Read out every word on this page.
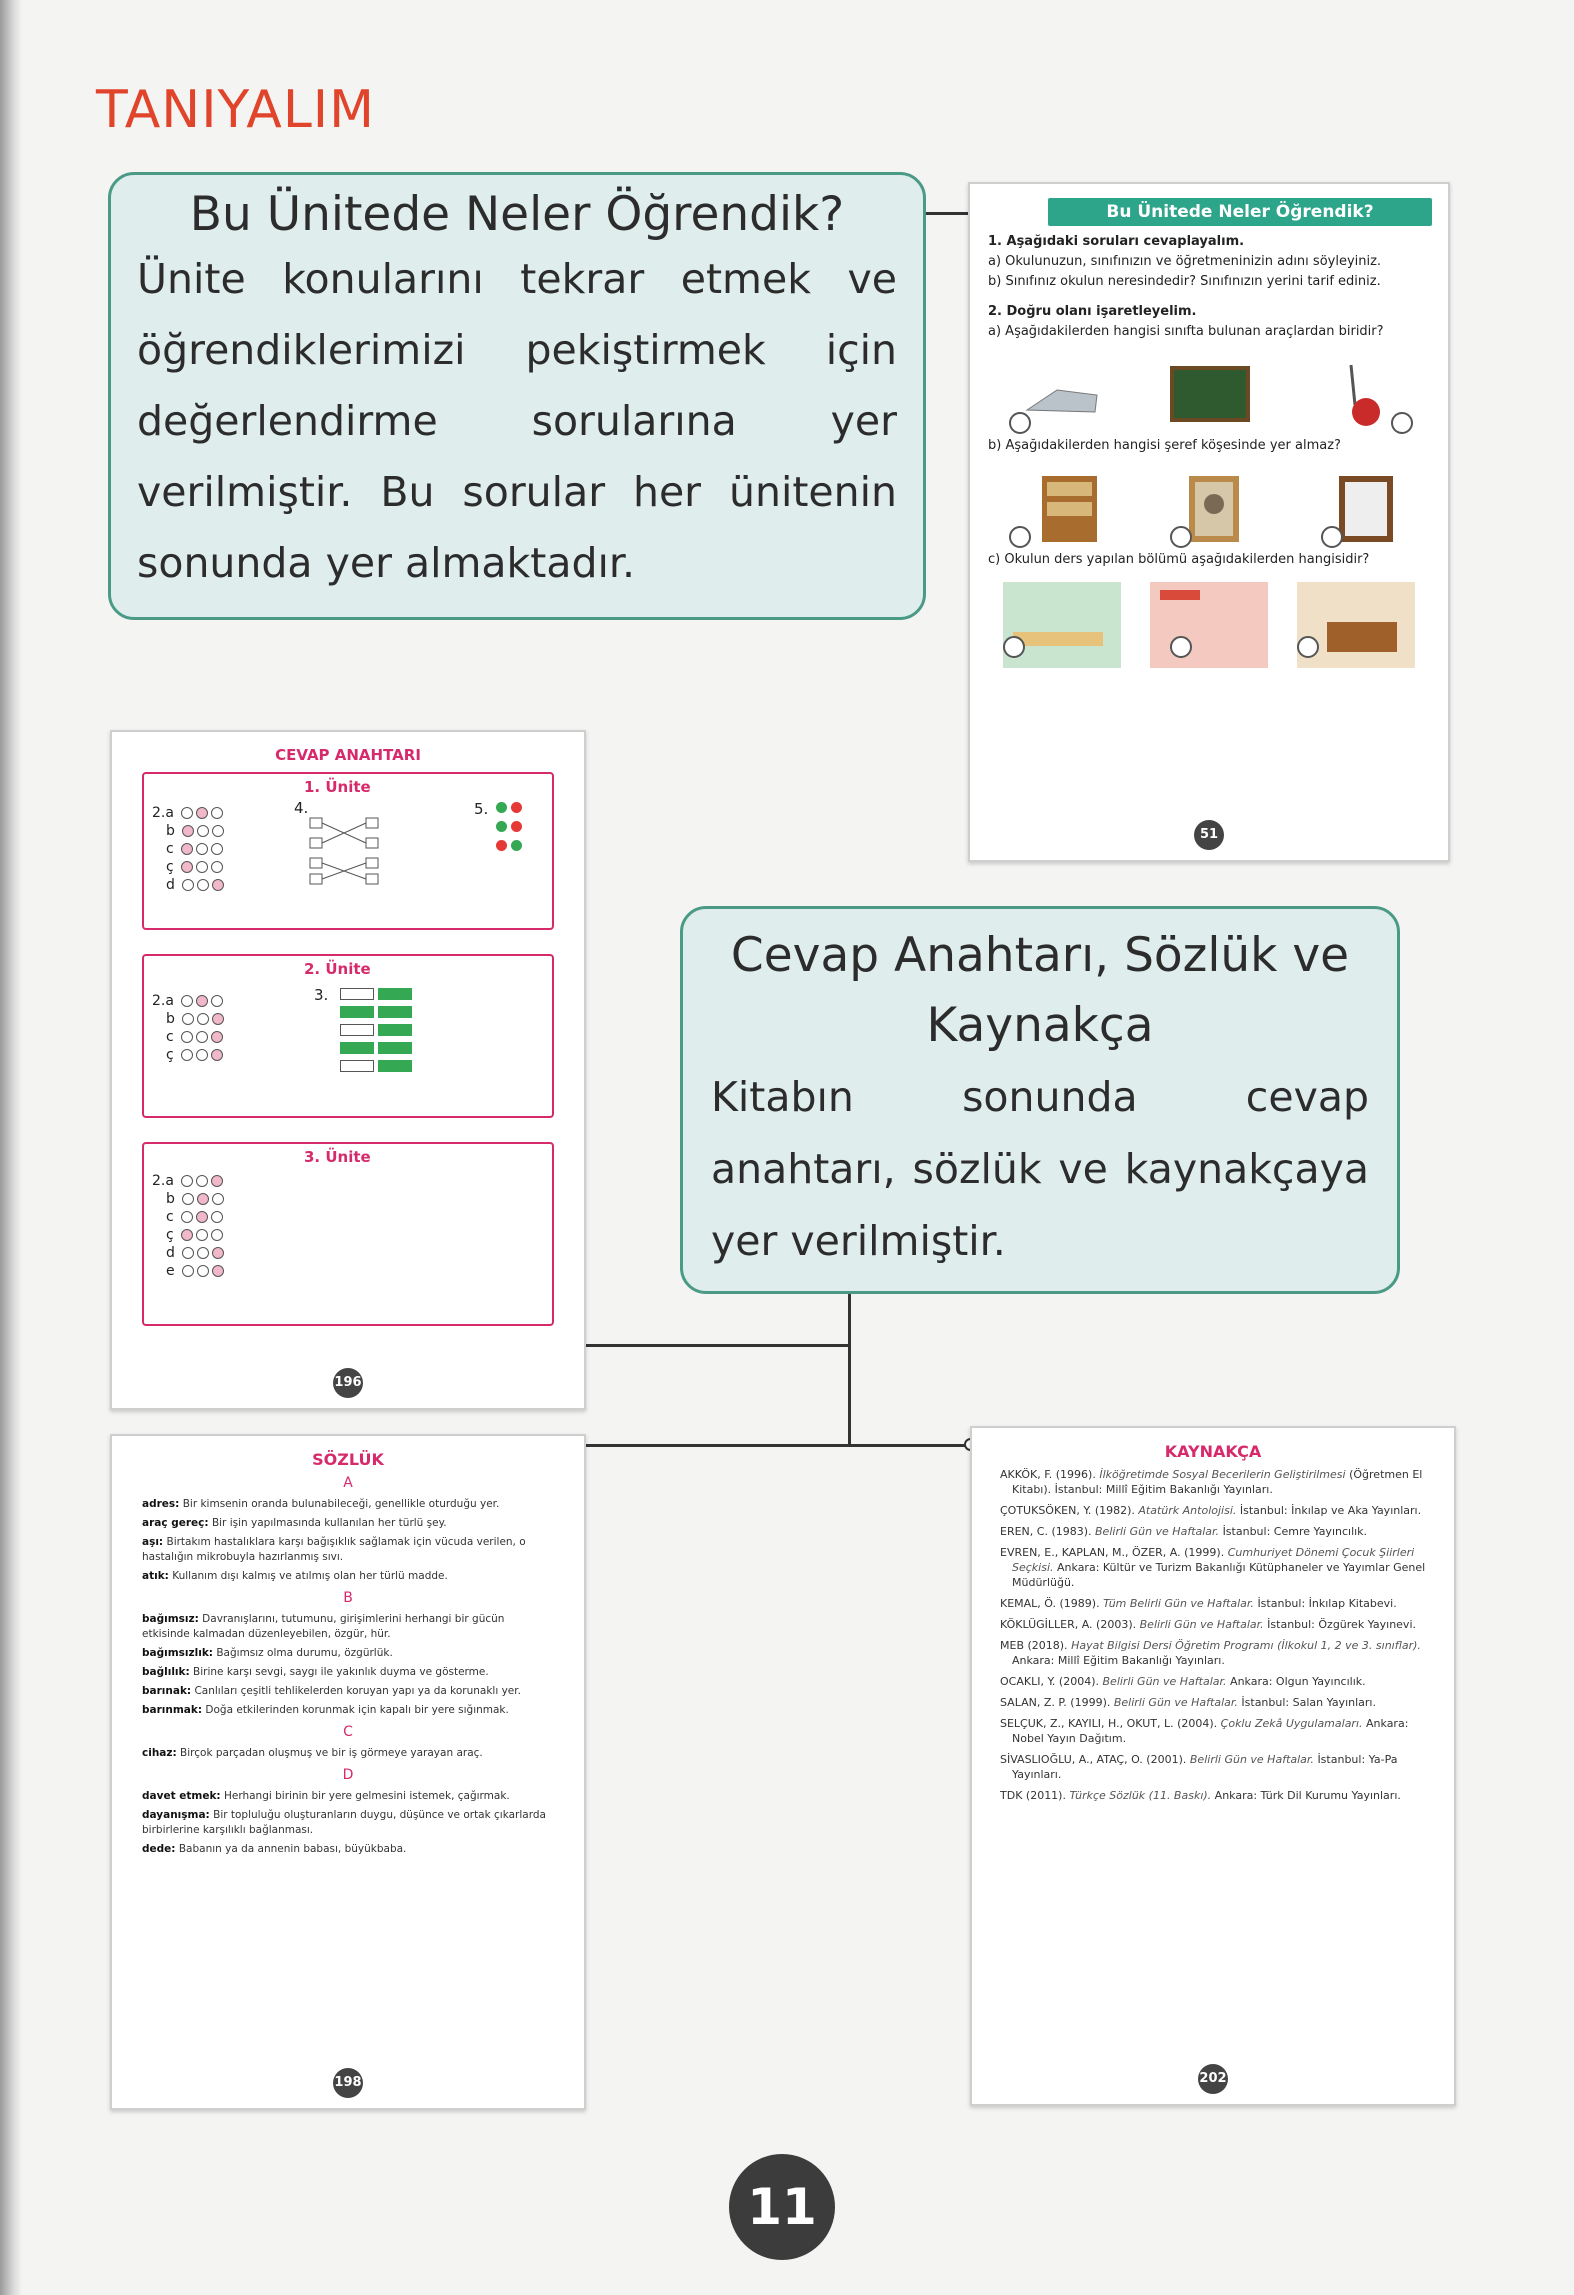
TANIYALIM
Bu Ünitede Neler Öğrendik?
Ünite konularını tekrar etmek ve öğrendiklerimizi pekiştirmek için değerlendirme sorularına yer verilmiştir. Bu sorular her ünitenin sonunda yer almaktadır.
Bu Ünitede Neler Öğrendik?
1. Aşağıdaki soruları cevaplayalım.
a) Okulunuzun, sınıfınızın ve öğretmeninizin adını söyleyiniz.
b) Sınıfınız okulun neresindedir? Sınıfınızın yerini tarif ediniz.
2. Doğru olanı işaretleyelim.
a) Aşağıdakilerden hangisi sınıfta bulunan araçlardan biridir?
b) Aşağıdakilerden hangisi şeref köşesinde yer almaz?
c) Okulun ders yapılan bölümü aşağıdakilerden hangisidir?
51
CEVAP ANAHTARI
1. Ünite
2.a
b
c
ç
d
4.	5.

2. Ünite
2.a
b
c
ç
3.

3. Ünite
2.a
b
c
ç
d
e
196
Cevap Anahtarı, Sözlük ve Kaynakça
Kitabın sonunda cevap anahtarı, sözlük ve kaynakçaya yer verilmiştir.
SÖZLÜK
A
adres: Bir kimsenin oranda bulunabileceği, genellikle oturduğu yer.
araç gereç: Bir işin yapılmasında kullanılan her türlü şey.
aşı: Birtakım hastalıklara karşı bağışıklık sağlamak için vücuda verilen, o hastalığın mikrobuyla hazırlanmış sıvı.
atık: Kullanım dışı kalmış ve atılmış olan her türlü madde.
B
bağımsız: Davranışlarını, tutumunu, girişimlerini herhangi bir gücün etkisinde kalmadan düzenleyebilen, özgür, hür.
bağımsızlık: Bağımsız olma durumu, özgürlük.
bağlılık: Birine karşı sevgi, saygı ile yakınlık duyma ve gösterme.
barınak: Canlıları çeşitli tehlikelerden koruyan yapı ya da korunaklı yer.
barınmak: Doğa etkilerinden korunmak için kapalı bir yere sığınmak.
C
cihaz: Birçok parçadan oluşmuş ve bir iş görmeye yarayan araç.
D
davet etmek: Herhangi birinin bir yere gelmesini istemek, çağırmak.
dayanışma: Bir topluluğu oluşturanların duygu, düşünce ve ortak çıkarlarda birbirlerine karşılıklı bağlanması.
dede: Babanın ya da annenin babası, büyükbaba.
198
KAYNAKÇA
AKKÖK, F. (1996). İlköğretimde Sosyal Becerilerin Geliştirilmesi (Öğretmen El Kitabı). İstanbul: Millî Eğitim Bakanlığı Yayınları.
ÇOTUKSÖKEN, Y. (1982). Atatürk Antolojisi. İstanbul: İnkılap ve Aka Yayınları.
EREN, C. (1983). Belirli Gün ve Haftalar. İstanbul: Cemre Yayıncılık.
EVREN, E., KAPLAN, M., ÖZER, A. (1999). Cumhuriyet Dönemi Çocuk Şiirleri Seçkisi. Ankara: Kültür ve Turizm Bakanlığı Kütüphaneler ve Yayımlar Genel Müdürlüğü.
KEMAL, Ö. (1989). Tüm Belirli Gün ve Haftalar. İstanbul: İnkılap Kitabevi.
KÖKLÜGİLLER, A. (2003). Belirli Gün ve Haftalar. İstanbul: Özgürek Yayınevi.
MEB (2018). Hayat Bilgisi Dersi Öğretim Programı (İlkokul 1, 2 ve 3. sınıflar). Ankara: Millî Eğitim Bakanlığı Yayınları.
OCAKLI, Y. (2004). Belirli Gün ve Haftalar. Ankara: Olgun Yayıncılık.
SALAN, Z. P. (1999). Belirli Gün ve Haftalar. İstanbul: Salan Yayınları.
SELÇUK, Z., KAYILI, H., OKUT, L. (2004). Çoklu Zekâ Uygulamaları. Ankara: Nobel Yayın Dağıtım.
SİVASLIOĞLU, A., ATAÇ, O. (2001). Belirli Gün ve Haftalar. İstanbul: Ya-Pa Yayınları.
TDK (2011). Türkçe Sözlük (11. Baskı). Ankara: Türk Dil Kurumu Yayınları.
202
11
